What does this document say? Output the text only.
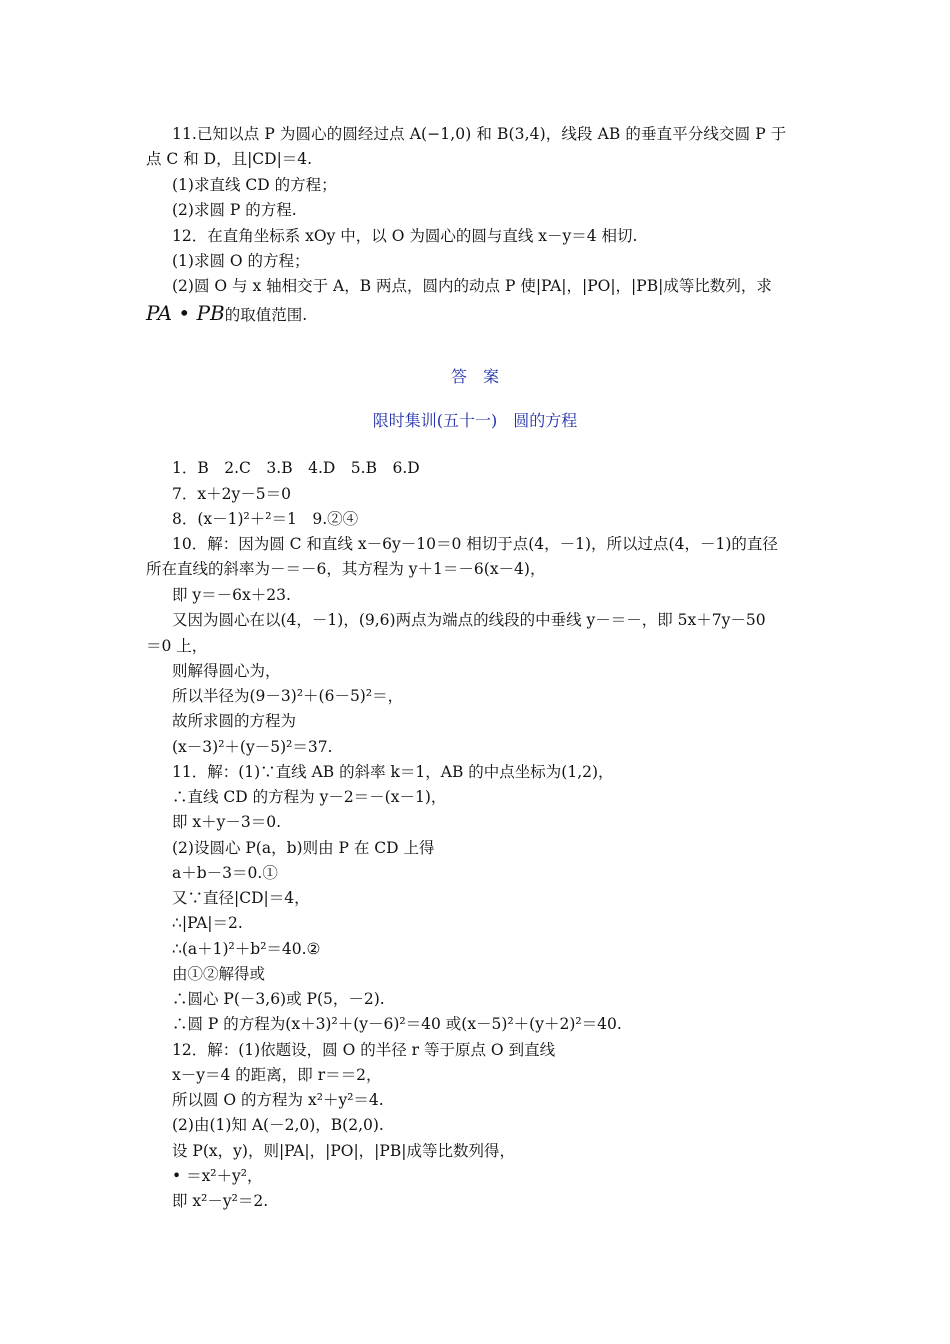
11.已知以点 P 为圆心的圆经过点 A(−1,0) 和 B(3,4)，线段 AB 的垂直平分线交圆 P 于
点 C 和 D，且|CD|＝4.
(1)求直线 CD 的方程；
(2)求圆 P 的方程.
12．在直角坐标系 xOy 中，以 O 为圆心的圆与直线 x－y＝4 相切.
(1)求圆 O 的方程；
(2)圆 O 与 x 轴相交于 A，B 两点，圆内的动点 P 使|PA|，|PO|，|PB|成等比数列，求
PA • PB的取值范围.
答案
限时集训(五十一)　圆的方程
1．B　2.C　3.B　4.D　5.B　6.D
7．x＋2y－5＝0
8．(x－1)²＋²＝1　9.②④
10．解：因为圆 C 和直线 x－6y－10＝0 相切于点(4，－1)，所以过点(4，－1)的直径
所在直线的斜率为－＝－6，其方程为 y＋1＝－6(x－4)，
即 y＝－6x＋23.
又因为圆心在以(4，－1)，(9,6)两点为端点的线段的中垂线 y－＝－，即 5x＋7y－50
＝0 上，
则解得圆心为，
所以半径为(9－3)²＋(6－5)²＝，
故所求圆的方程为
(x－3)²＋(y－5)²＝37.
11．解：(1)∵直线 AB 的斜率 k＝1，AB 的中点坐标为(1,2)，
∴直线 CD 的方程为 y－2＝－(x－1)，
即 x＋y－3＝0.
(2)设圆心 P(a，b)则由 P 在 CD 上得
a＋b－3＝0.①
又∵直径|CD|＝4，
∴|PA|＝2.
∴(a＋1)²＋b²＝40.②
由①②解得或
∴圆心 P(－3,6)或 P(5，－2).
∴圆 P 的方程为(x＋3)²＋(y－6)²＝40 或(x－5)²＋(y＋2)²＝40.
12．解：(1)依题设，圆 O 的半径 r 等于原点 O 到直线
x－y＝4 的距离，即 r＝＝2，
所以圆 O 的方程为 x²＋y²＝4.
(2)由(1)知 A(－2,0)，B(2,0).
设 P(x，y)，则|PA|，|PO|，|PB|成等比数列得，
• ＝x²＋y²，
即 x²－y²＝2.
